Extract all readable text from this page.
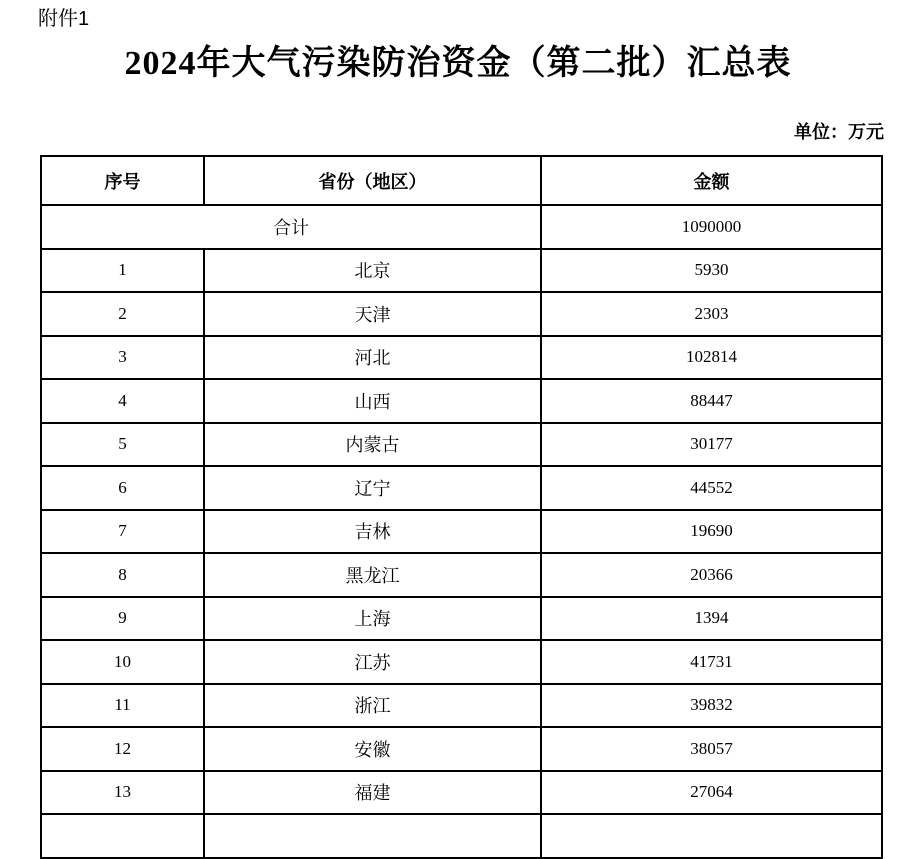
附件1
2024年大气污染防治资金（第二批）汇总表
单位：万元
序号	省份（地区）	金额
合计		1090000
1	北京	5930
2	天津	2303
3	河北	102814
4	山西	88447
5	内蒙古	30177
6	辽宁	44552
7	吉林	19690
8	黑龙江	20366
9	上海	1394
10	江苏	41731
11	浙江	39832
12	安徽	38057
13	福建	27064
